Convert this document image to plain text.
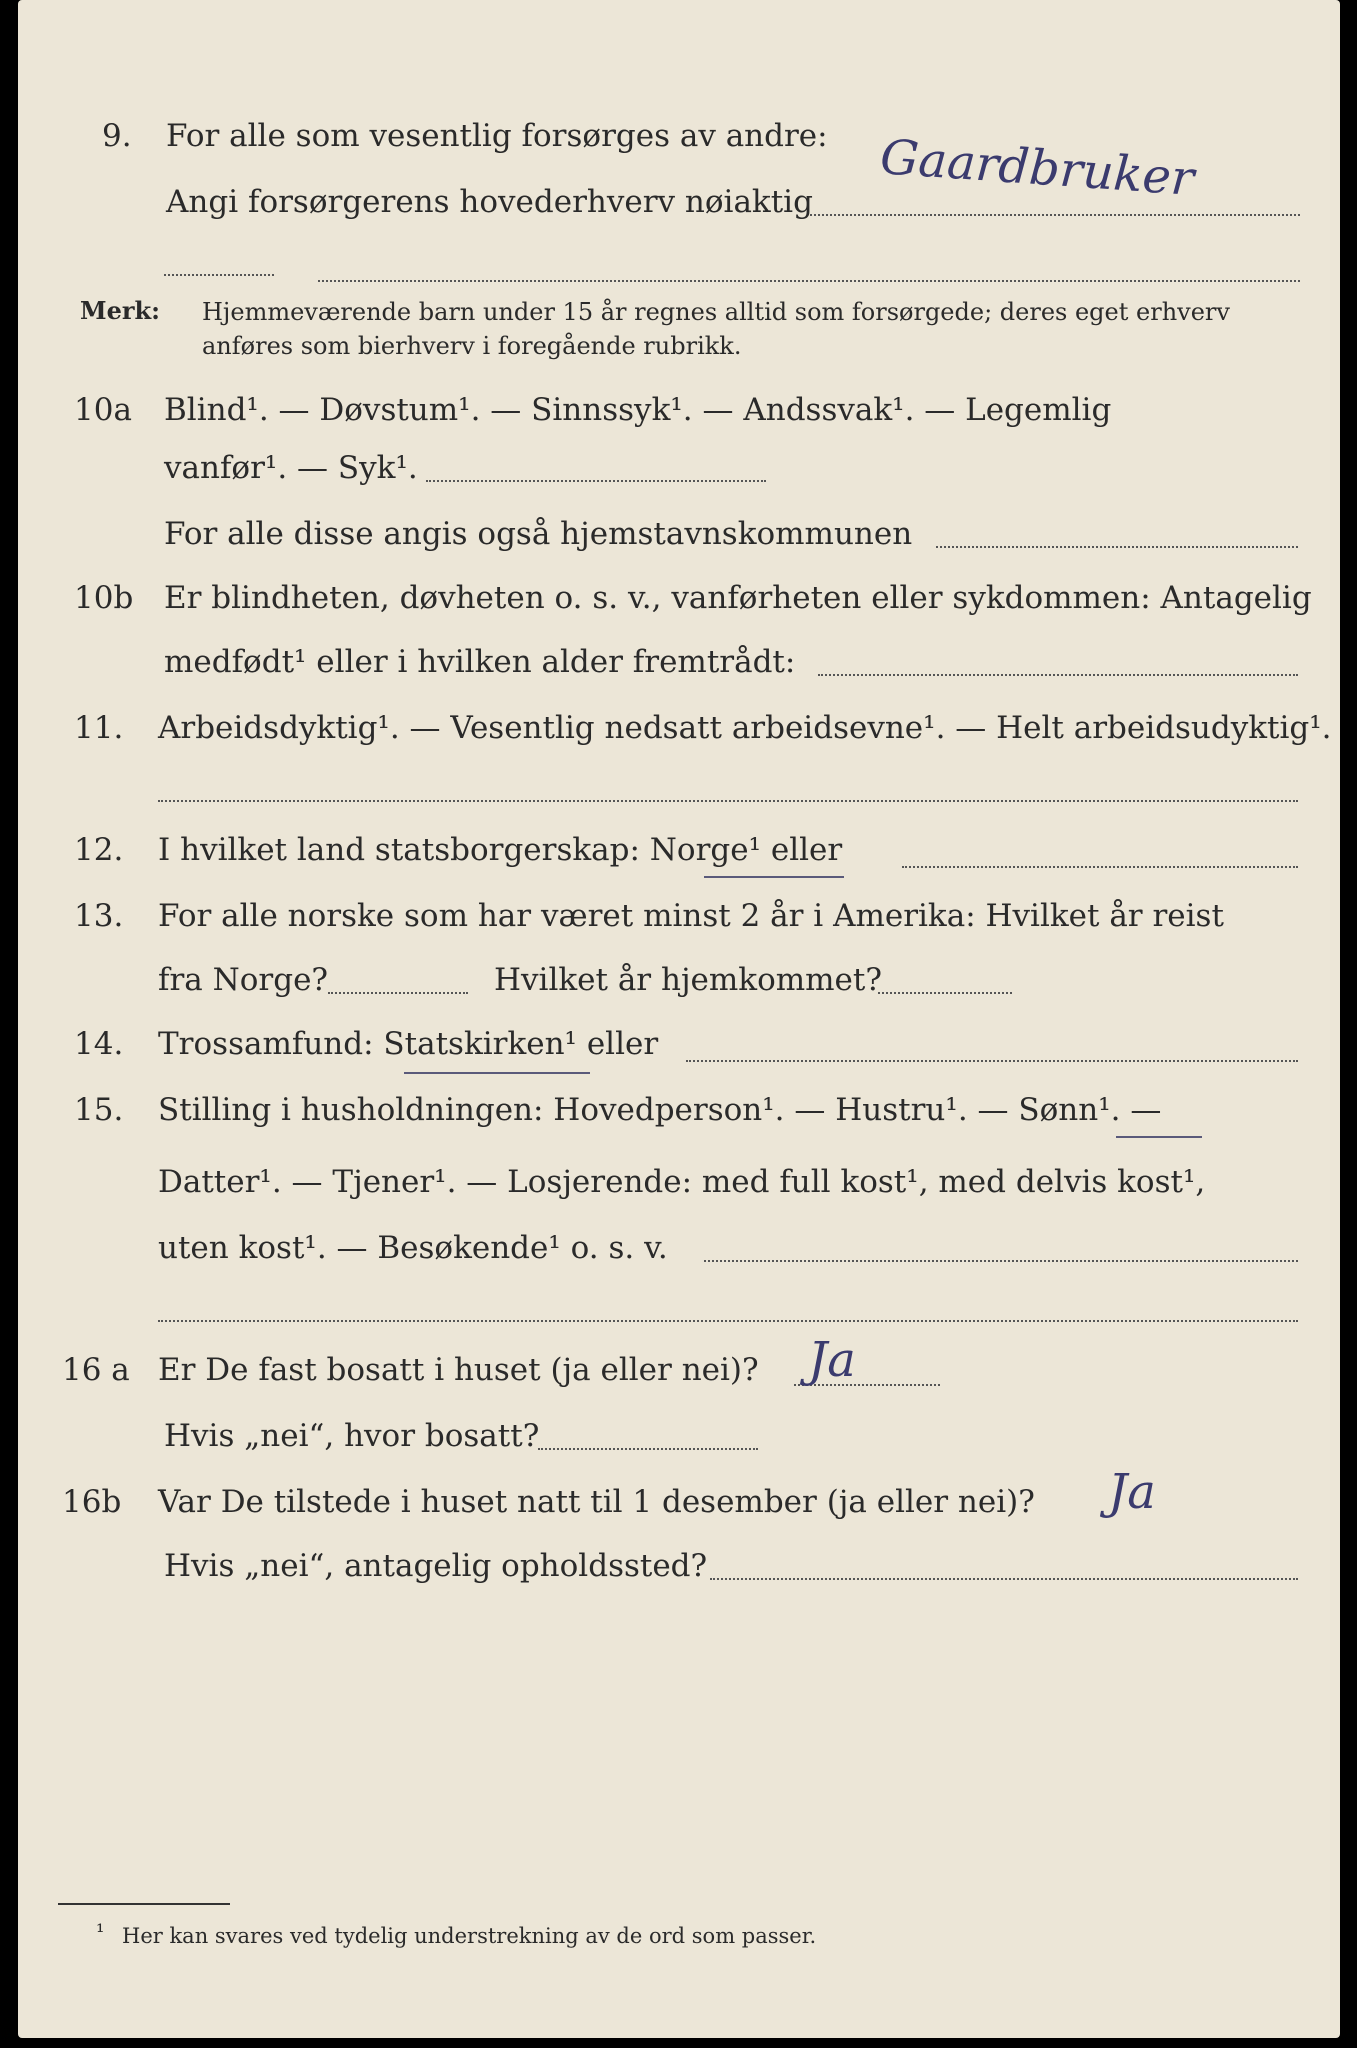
9. For alle som vesentlig forsørges av andre: Gaardbruker
Angi forsørgerens hovederhverv nøiaktig
Merk: Hjemmeværende barn under 15 år regnes alltid som forsørgede; deres eget erhverv
anføres som bierhverv i foregående rubrikk.
10a Blind¹. — Døvstum¹. — Sinnssyk¹. — Andssvak¹. — Legemlig
vanfør¹. — Syk¹.
For alle disse angis også hjemstavnskommunen
10b Er blindheten, døvheten o. s. v., vanførheten eller sykdommen: Antagelig
medfødt¹ eller i hvilken alder fremtrådt:
11. Arbeidsdyktig¹. — Vesentlig nedsatt arbeidsevne¹. — Helt arbeidsudyktig¹.
12. I hvilket land statsborgerskap: Norge¹ eller
13. For alle norske som har været minst 2 år i Amerika: Hvilket år reist
fra Norge?	Hvilket år hjemkommet?
14. Trossamfund: Statskirken¹ eller
15. Stilling i husholdningen: Hovedperson¹. — Hustru¹. — Sønn¹. —
Datter¹. — Tjener¹. — Losjerende: med full kost¹, med delvis kost¹,
uten kost¹. — Besøkende¹ o. s. v.
16 a Er De fast bosatt i huset (ja eller nei)? Ja
Hvis „nei“, hvor bosatt?
16b Var De tilstede i huset natt til 1 desember (ja eller nei)? Ja
Hvis „nei“, antagelig opholdssted?
¹ Her kan svares ved tydelig understrekning av de ord som passer.
